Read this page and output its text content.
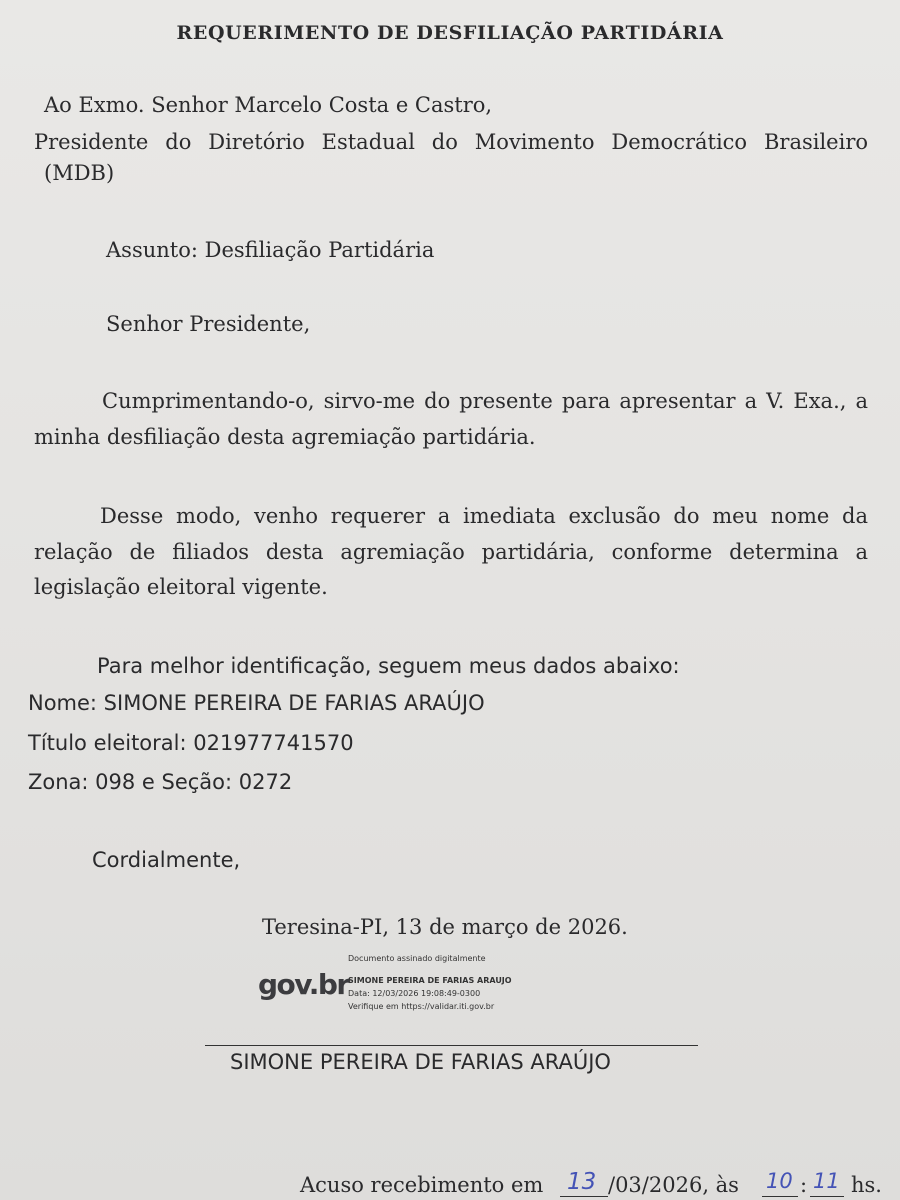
REQUERIMENTO DE DESFILIAÇÃO PARTIDÁRIA
Ao Exmo. Senhor Marcelo Costa e Castro,
Presidente do Diretório Estadual do Movimento Democrático Brasileiro
(MDB)
Assunto: Desfiliação Partidária
Senhor Presidente,
Cumprimentando-o, sirvo-me do presente para apresentar a V. Exa., a
minha desfiliação desta agremiação partidária.
Desse modo, venho requerer a imediata exclusão do meu nome da
relação de filiados desta agremiação partidária, conforme determina a
legislação eleitoral vigente.
Para melhor identificação, seguem meus dados abaixo:
Nome: SIMONE PEREIRA DE FARIAS ARAÚJO
Título eleitoral: 021977741570
Zona: 098 e Seção: 0272
Cordialmente,
Teresina-PI, 13 de março de 2026.
gov.br
Documento assinado digitalmente
SIMONE PEREIRA DE FARIAS ARAUJO
Data: 12/03/2026 19:08:49-0300
Verifique em https://validar.iti.gov.br
SIMONE PEREIRA DE FARIAS ARAÚJO
Acuso recebimento em 13 /03/2026, às 10 : 11 hs.
